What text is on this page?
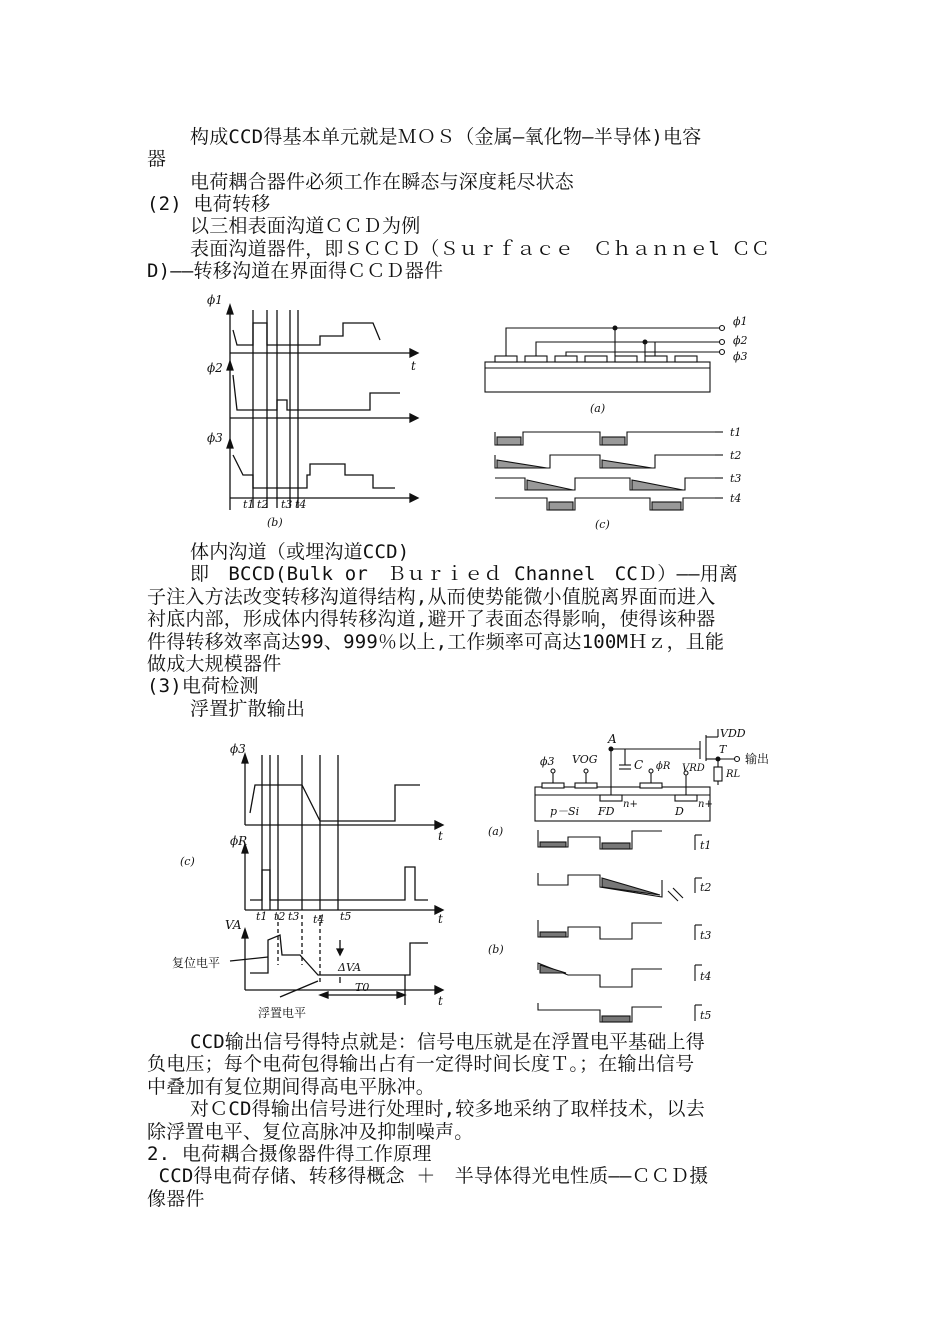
构成CCD得基本单元就是ＭＯＳ（金属—氧化物—半导体)电容
器
电荷耦合器件必须工作在瞬态与深度耗尽状态
(2) 电荷转移
以三相表面沟道ＣＣＤ为例
表面沟道器件，即ＳＣＣＤ（Ｓｕｒｆａｃｅ　Ｃｈａｎｎｅl ＣＣ
D)——转移沟道在界面得ＣＣＤ器件
ϕ1
ϕ2
ϕ3
t
t1 t2 t3 t4
(b)
ϕ1
ϕ2
ϕ3
(a)
t1
t2
t3
t4
(c)
体内沟道（或埋沟道CCD)
即　BCCD(Bulk or　Ｂｕｒｉｅｄ Channel　CCＤ）——用离
子注入方法改变转移沟道得结构,从而使势能微小值脱离界面而进入
衬底内部，形成体内得转移沟道,避开了表面态得影响，使得该种器
件得转移效率高达99、999％以上,工作频率可高达100MＨｚ，且能
做成大规模器件
(3)电荷检测
浮置扩散输出
ϕ3
ϕR
VA
t
t
t
(c)
t1 t2 t3 t4 t5
复位电平
浮置电平
ΔVA
T0
ϕ3 VOG
A
C ϕR VRD
VDD
T
RL
输出
p－Si FD
n+
D
n+
(a)
t1
t2
t3
t4
t5
(b)
CCD输出信号得特点就是：信号电压就是在浮置电平基础上得
负电压；每个电荷包得输出占有一定得时间长度Ｔ。；在输出信号
中叠加有复位期间得高电平脉冲。
对ＣCD得输出信号进行处理时,较多地采纳了取样技术，以去
除浮置电平、复位高脉冲及抑制噪声。
2. 电荷耦合摄像器件得工作原理
CCD得电荷存储、转移得概念 ＋　半导体得光电性质——ＣＣＤ摄
像器件
